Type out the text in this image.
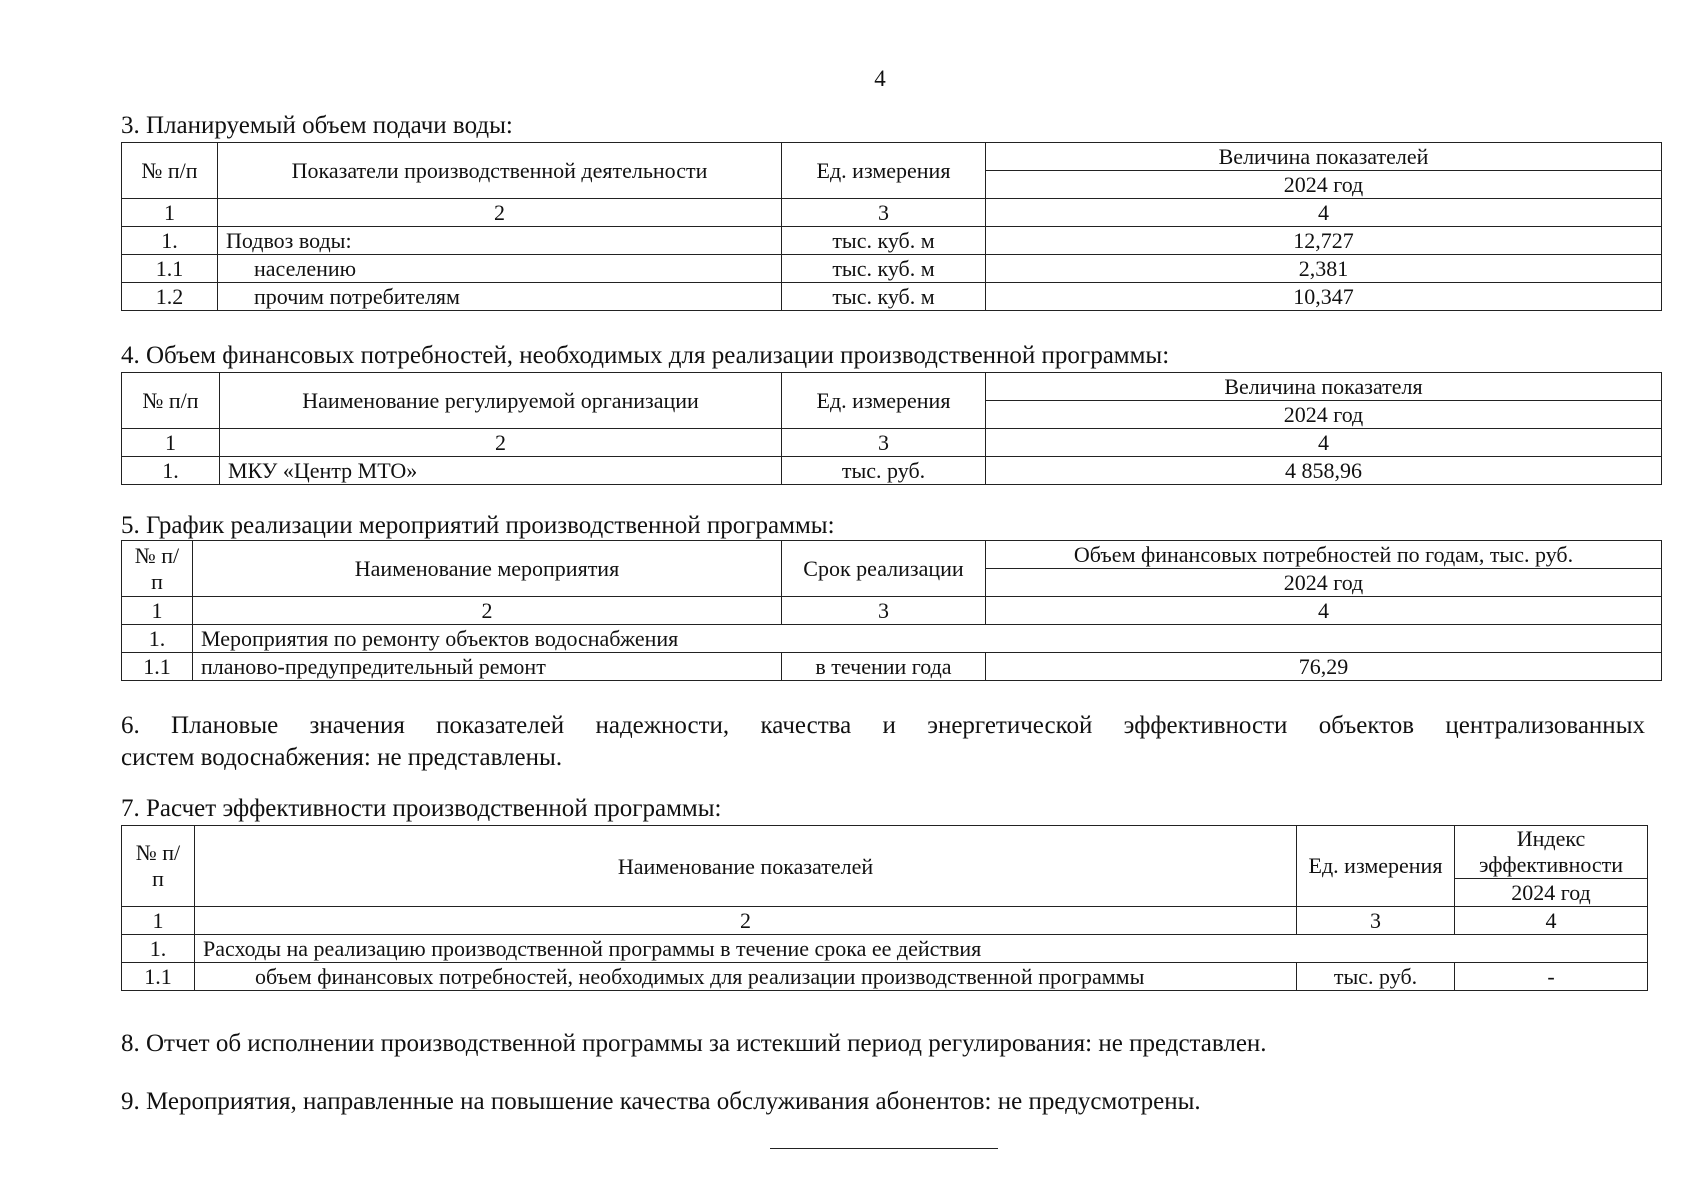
4
3. Планируемый объем подачи воды:
№ п/п	Показатели производственной деятельности	Ед. измерения	Величина показателей
			2024 год
1	2	3	4
1.	Подвоз воды:	тыс. куб. м	12,727
1.1	населению	тыс. куб. м	2,381
1.2	прочим потребителям	тыс. куб. м	10,347
4. Объем финансовых потребностей, необходимых для реализации производственной программы:
№ п/п	Наименование регулируемой организации	Ед. измерения	Величина показателя
			2024 год
1	2	3	4
1.	МКУ «Центр МТО»	тыс. руб.	4 858,96
5. График реализации мероприятий производственной программы:
№ п/п	Наименование мероприятия	Срок реализации	Объем финансовых потребностей по годам, тыс. руб.
			2024 год
1	2	3	4
1.	Мероприятия по ремонту объектов водоснабжения		
1.1	планово-предупредительный ремонт	в течении года	76,29
6. Плановые значения показателей надежности, качества и энергетической эффективности объектов централизованных
систем водоснабжения: не представлены.
7. Расчет эффективности производственной программы:
№ п/п	Наименование показателей	Ед. измерения	Индекс эффективности

			2024 год
1	2	3	4
1.	Расходы на реализацию производственной программы в течение срока ее действия		
1.1	объем финансовых потребностей, необходимых для реализации производственной программы	тыс. руб.	-
8. Отчет об исполнении производственной программы за истекший период регулирования: не представлен.
9. Мероприятия, направленные на повышение качества обслуживания абонентов: не предусмотрены.
